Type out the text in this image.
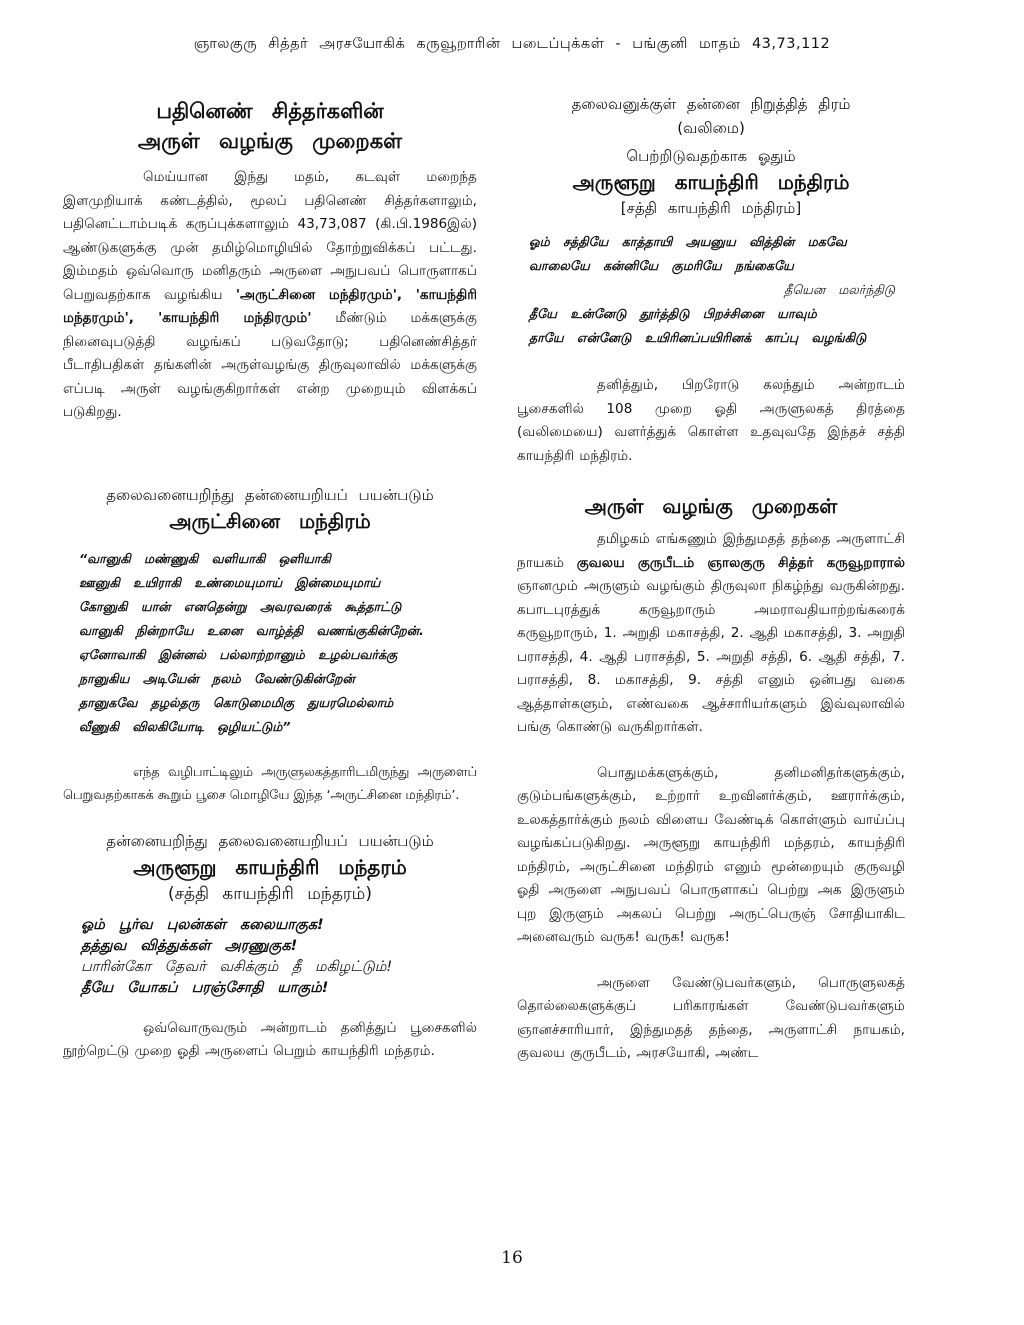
ஞாலகுரு சித்தர் அரசயோகிக் கருவூறாரின் படைப்புக்கள் - பங்குனி மாதம் 43,73,112
பதினெண் சித்தர்களின்
அருள் வழங்கு முறைகள்

மெய்யான இந்து மதம், கடவுள் மறைந்த இளமுறியாக் கண்டத்தில், மூலப் பதினெண் சித்தர்களாலும், பதினெட்டாம்படிக் கருப்புக்களாலும் 43,73,087 (கி.பி.1986இல்) ஆண்டுகளுக்கு முன் தமிழ்மொழியில் தோற்றுவிக்கப் பட்டது. இம்மதம் ஒவ்வொரு மனிதரும் அருளை அநுபவப் பொருளாகப் பெறுவதற்காக வழங்கிய 'அருட்சினை மந்திரமும்', 'காயந்திரி மந்தரமும்', 'காயந்திரி மந்திரமும்' மீண்டும் மக்களுக்கு நினைவுபடுத்தி வழங்கப் படுவதோடு; பதினெண்சித்தர் பீடாதிபதிகள் தங்களின் அருள்வழங்கு திருவுலாவில் மக்களுக்கு எப்படி அருள் வழங்குகிறார்கள் என்ற முறையும் விளக்கப் படுகிறது.

தலைவனையறிந்து தன்னையறியப் பயன்படும்
அருட்சினை மந்திரம்
“வானுகி மண்ணுகி வளியாகி ஒளியாகி
ஊனுகி உயிராகி உண்மையுமாய் இன்மையுமாய்
கோனுகி யான் எனதென்று அவரவரைக் கூத்தாட்டு
வானுகி நின்றாயே உனை வாழ்த்தி வணங்குகின்றேன்.
ஏனோவாகி இன்னல் பல்லாற்றானும் உழல்பவர்க்கு
நானுகிய அடியேன் நலம் வேண்டுகின்றேன்
தானுகவே தழல்தரு கொடுமைமிகு துயரமெல்லாம்
வீணுகி விலகியோடி ஒழியட்டும்”

எந்த வழிபாட்டிலும் அருளுலகத்தாரிடமிருந்து அருளைப் பெறுவதற்காகக் கூறும் பூசை மொழியே இந்த ‘அருட்சினை மந்திரம்’.

தன்னையறிந்து தலைவனையறியப் பயன்படும்
அருளூறு காயந்திரி மந்தரம்
(சத்தி காயந்திரி மந்தரம்)
ஓம் பூர்வ புலன்கள் கலையாகுக!
தத்துவ வித்துக்கள் அரணுகுக!
பாரின்கோ தேவர் வசிக்கும் தீ மகிழட்டும்!
தீயே யோகப் பரஞ்சோதி யாகும்!

ஒவ்வொருவரும் அன்றாடம் தனித்துப் பூசைகளில் நூற்றெட்டு முறை ஓதி அருளைப் பெறும் காயந்திரி மந்தரம்.

தலைவனுக்குள் தன்னை நிறுத்தித் திரம்
(வலிமை)
பெற்றிடுவதற்காக ஓதும்
அருளூறு காயந்திரி மந்திரம்
[சத்தி காயந்திரி மந்திரம்]
ஓம் சத்தியே காத்தாயி அயனுய வித்தின் மகவே
வாலையே கன்னியே குமரியே நங்கையே
தீயென மலர்ந்திடு
தீயே உன்னேடு தூர்த்திடு பிறச்சினை யாவும்
தாயே என்னேடு உயிரினப்பயிரினக் காப்பு வழங்கிடு

தனித்தும், பிறரோடு கலந்தும் அன்றாடம் பூசைகளில் 108 முறை ஓதி அருளுலகத் திரத்தை (வலிமையை) வளர்த்துக் கொள்ள உதவுவதே இந்தச் சத்தி காயந்திரி மந்திரம்.

அருள் வழங்கு முறைகள்

தமிழகம் எங்கணும் இந்துமதத் தந்தை அருளாட்சி நாயகம் குவலய குருபீடம் ஞாலகுரு சித்தர் கருவூறாரால் ஞானமும் அருளும் வழங்கும் திருவுலா நிகழ்ந்து வருகின்றது. கபாடபுரத்துக் கருவூறாரும் அமராவதியாற்றங்கரைக் கருவூறாரும், 1. அறுதி மகாசத்தி, 2. ஆதி மகாசத்தி, 3. அறுதி பராசத்தி, 4. ஆதி பராசத்தி, 5. அறுதி சத்தி, 6. ஆதி சத்தி, 7. பராசத்தி, 8. மகாசத்தி, 9. சத்தி எனும் ஒன்பது வகை ஆத்தாள்களும், எண்வகை ஆச்சாரியர்களும் இவ்வுலாவில் பங்கு கொண்டு வருகிறார்கள்.

பொதுமக்களுக்கும், தனிமனிதர்களுக்கும், குடும்பங்களுக்கும், உற்றார் உறவினர்க்கும், ஊரார்க்கும், உலகத்தார்க்கும் நலம் விளைய வேண்டிக் கொள்ளும் வாய்ப்பு வழங்கப்படுகிறது. அருளூறு காயந்திரி மந்தரம், காயந்திரி மந்திரம், அருட்சினை மந்திரம் எனும் மூன்றையும் குருவழி ஓதி அருளை அநுபவப் பொருளாகப் பெற்று அக இருளும் புற இருளும் அகலப் பெற்று அருட்பெருஞ் சோதியாகிட அனைவரும் வருக! வருக! வருக!

அருளை வேண்டுபவர்களும், பொருளுலகத் தொல்லைகளுக்குப் பரிகாரங்கள் வேண்டுபவர்களும் ஞானச்சாரியார், இந்துமதத் தந்தை, அருளாட்சி நாயகம், குவலய குருபீடம், அரசயோகி, அண்ட

16
